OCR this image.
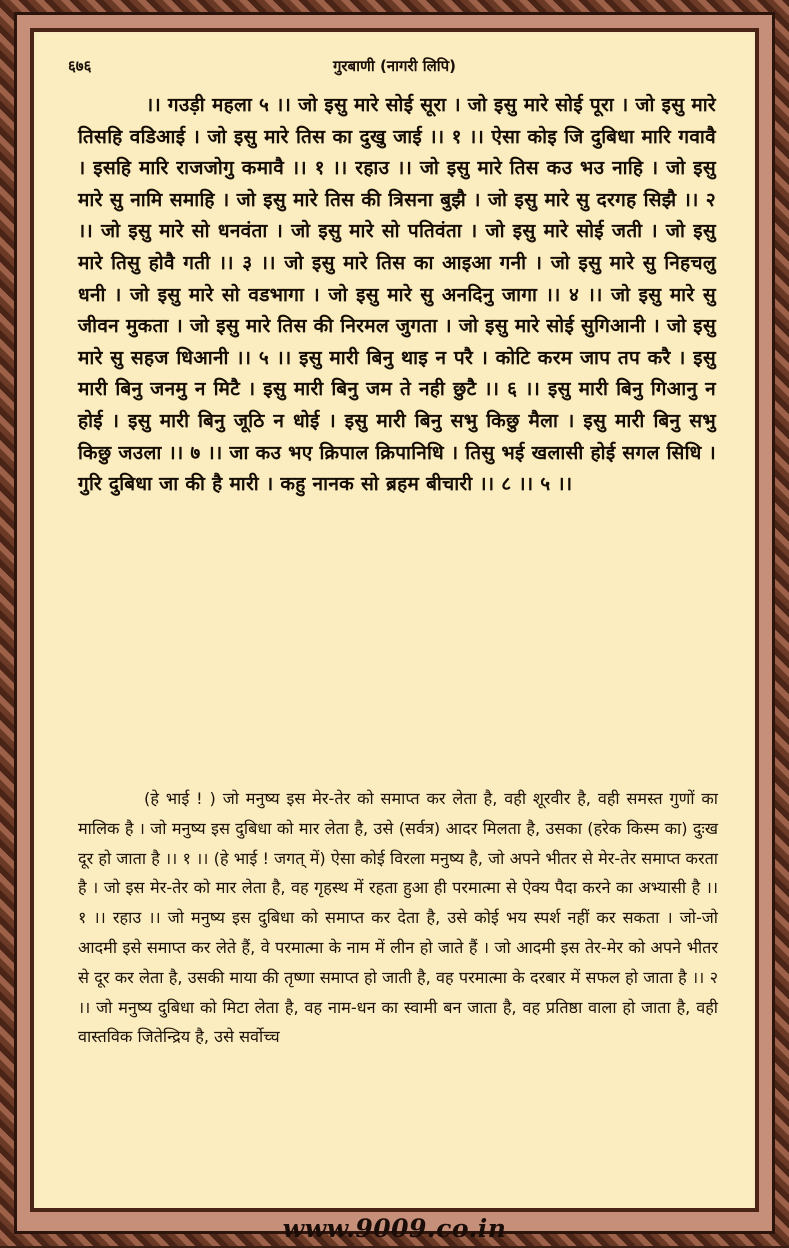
६७६	गुरबाणी (नागरी लिपि)
।। गउड़ी महला ५ ।। जो इसु मारे सोई सूरा । जो इसु मारे सोई पूरा । जो इसु मारे तिसहि वडिआई । जो इसु मारे तिस का दुखु जाई ।। १ ।। ऐसा कोइ जि दुबिधा मारि गवावै । इसहि मारि राजजोगु कमावै ।। १ ।। रहाउ ।। जो इसु मारे तिस कउ भउ नाहि । जो इसु मारे सु नामि समाहि । जो इसु मारे तिस की त्रिसना बुझै । जो इसु मारे सु दरगह सिझै ।। २ ।। जो इसु मारे सो धनवंता । जो इसु मारे सो पतिवंता । जो इसु मारे सोई जती । जो इसु मारे तिसु होवै गती ।। ३ ।। जो इसु मारे तिस का आइआ गनी । जो इसु मारे सु निहचलु धनी । जो इसु मारे सो वडभागा । जो इसु मारे सु अनदिनु जागा ।। ४ ।। जो इसु मारे सु जीवन मुकता । जो इसु मारे तिस की निरमल जुगता । जो इसु मारे सोई सुगिआनी । जो इसु मारे सु सहज धिआनी ।। ५ ।। इसु मारी बिनु थाइ न परै । कोटि करम जाप तप करै । इसु मारी बिनु जनमु न मिटै । इसु मारी बिनु जम ते नही छुटै ।। ६ ।। इसु मारी बिनु गिआनु न होई । इसु मारी बिनु जूठि न धोई । इसु मारी बिनु सभु किछु मैला । इसु मारी बिनु सभु किछु जउला ।। ७ ।। जा कउ भए क्रिपाल क्रिपानिधि । तिसु भई खलासी होई सगल सिधि । गुरि दुबिधा जा की है मारी । कहु नानक सो ब्रहम बीचारी ।। ८ ।। ५ ।।
(हे भाई ! ) जो मनुष्य इस मेर-तेर को समाप्त कर लेता है, वही शूरवीर है, वही समस्त गुणों का मालिक है । जो मनुष्य इस दुबिधा को मार लेता है, उसे (सर्वत्र) आदर मिलता है, उसका (हरेक किस्म का) दुःख दूर हो जाता है ।। १ ।। (हे भाई ! जगत् में) ऐसा कोई विरला मनुष्य है, जो अपने भीतर से मेर-तेर समाप्त करता है । जो इस मेर-तेर को मार लेता है, वह गृहस्थ में रहता हुआ ही परमात्मा से ऐक्य पैदा करने का अभ्यासी है ।। १ ।। रहाउ ।। जो मनुष्य इस दुबिधा को समाप्त कर देता है, उसे कोई भय स्पर्श नहीं कर सकता । जो-जो आदमी इसे समाप्त कर लेते हैं, वे परमात्मा के नाम में लीन हो जाते हैं । जो आदमी इस तेर-मेर को अपने भीतर से दूर कर लेता है, उसकी माया की तृष्णा समाप्त हो जाती है, वह परमात्मा के दरबार में सफल हो जाता है ।। २ ।। जो मनुष्य दुबिधा को मिटा लेता है, वह नाम-धन का स्वामी बन जाता है, वह प्रतिष्ठा वाला हो जाता है, वही वास्तविक जितेन्द्रिय है, उसे सर्वोच्च
www.9009.co.in
